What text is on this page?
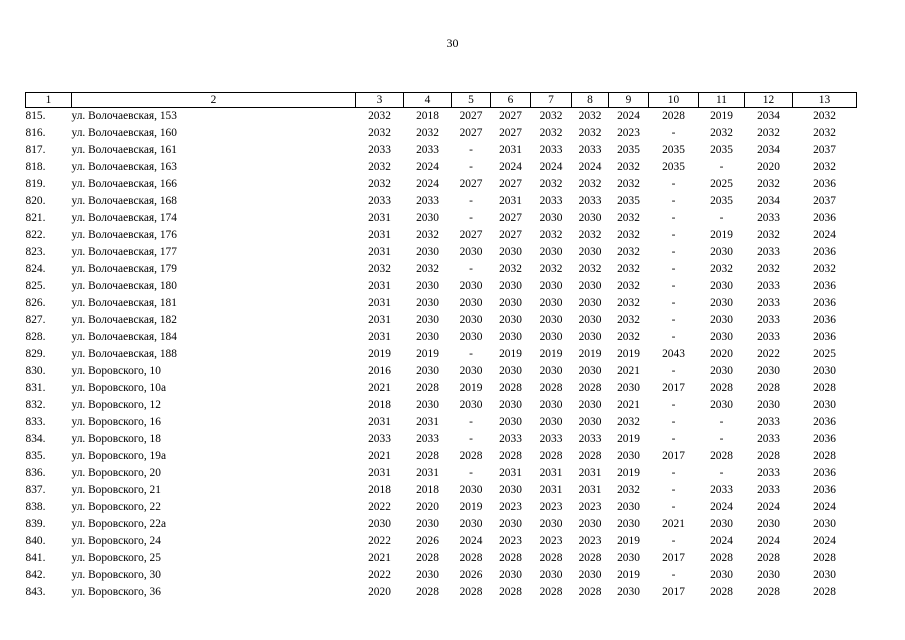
30
1	2	3	4	5	6	7	8	9	10	11	12	13
815.	ул. Волочаевская, 153	2032	2018	2027	2027	2032	2032	2024	2028	2019	2034	2032
816.	ул. Волочаевская, 160	2032	2032	2027	2027	2032	2032	2023	-	2032	2032	2032
817.	ул. Волочаевская, 161	2033	2033	-	2031	2033	2033	2035	2035	2035	2034	2037
818.	ул. Волочаевская, 163	2032	2024	-	2024	2024	2024	2032	2035	-	2020	2032
819.	ул. Волочаевская, 166	2032	2024	2027	2027	2032	2032	2032	-	2025	2032	2036
820.	ул. Волочаевская, 168	2033	2033	-	2031	2033	2033	2035	-	2035	2034	2037
821.	ул. Волочаевская, 174	2031	2030	-	2027	2030	2030	2032	-	-	2033	2036
822.	ул. Волочаевская, 176	2031	2032	2027	2027	2032	2032	2032	-	2019	2032	2024
823.	ул. Волочаевская, 177	2031	2030	2030	2030	2030	2030	2032	-	2030	2033	2036
824.	ул. Волочаевская, 179	2032	2032	-	2032	2032	2032	2032	-	2032	2032	2032
825.	ул. Волочаевская, 180	2031	2030	2030	2030	2030	2030	2032	-	2030	2033	2036
826.	ул. Волочаевская, 181	2031	2030	2030	2030	2030	2030	2032	-	2030	2033	2036
827.	ул. Волочаевская, 182	2031	2030	2030	2030	2030	2030	2032	-	2030	2033	2036
828.	ул. Волочаевская, 184	2031	2030	2030	2030	2030	2030	2032	-	2030	2033	2036
829.	ул. Волочаевская, 188	2019	2019	-	2019	2019	2019	2019	2043	2020	2022	2025
830.	ул. Воровского, 10	2016	2030	2030	2030	2030	2030	2021	-	2030	2030	2030
831.	ул. Воровского, 10а	2021	2028	2019	2028	2028	2028	2030	2017	2028	2028	2028
832.	ул. Воровского, 12	2018	2030	2030	2030	2030	2030	2021	-	2030	2030	2030
833.	ул. Воровского, 16	2031	2031	-	2030	2030	2030	2032	-	-	2033	2036
834.	ул. Воровского, 18	2033	2033	-	2033	2033	2033	2019	-	-	2033	2036
835.	ул. Воровского, 19а	2021	2028	2028	2028	2028	2028	2030	2017	2028	2028	2028
836.	ул. Воровского, 20	2031	2031	-	2031	2031	2031	2019	-	-	2033	2036
837.	ул. Воровского, 21	2018	2018	2030	2030	2031	2031	2032	-	2033	2033	2036
838.	ул. Воровского, 22	2022	2020	2019	2023	2023	2023	2030	-	2024	2024	2024
839.	ул. Воровского, 22а	2030	2030	2030	2030	2030	2030	2030	2021	2030	2030	2030
840.	ул. Воровского, 24	2022	2026	2024	2023	2023	2023	2019	-	2024	2024	2024
841.	ул. Воровского, 25	2021	2028	2028	2028	2028	2028	2030	2017	2028	2028	2028
842.	ул. Воровского, 30	2022	2030	2026	2030	2030	2030	2019	-	2030	2030	2030
843.	ул. Воровского, 36	2020	2028	2028	2028	2028	2028	2030	2017	2028	2028	2028
